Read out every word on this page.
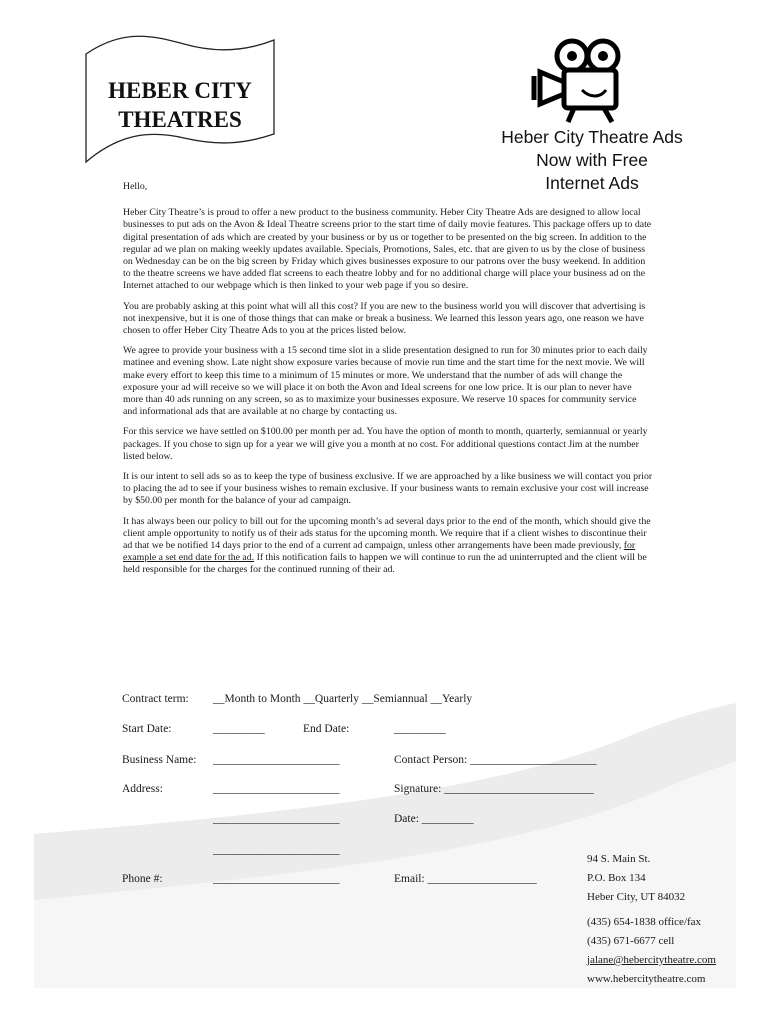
HEBER CITY
THEATRES
Heber City Theatre Ads
Now with Free
Internet Ads

Hello,

Heber City Theatre’s is proud to offer a new product to the business community. Heber City Theatre Ads are designed to allow local businesses to put ads on the Avon & Ideal Theatre screens prior to the start time of daily movie features. This package offers up to date digital presentation of ads which are created by your business or by us or together to be presented on the big screen. In addition to the regular ad we plan on making weekly updates available. Specials, Promotions, Sales, etc. that are given to us by the close of business on Wednesday can be on the big screen by Friday which gives businesses exposure to our patrons over the busy weekend. In addition to the theatre screens we have added flat screens to each theatre lobby and for no additional charge will place your business ad on the Internet attached to our webpage which is then linked to your web page if you so desire.

You are probably asking at this point what will all this cost? If you are new to the business world you will discover that advertising is not inexpensive, but it is one of those things that can make or break a business. We learned this lesson years ago, one reason we have chosen to offer Heber City Theatre Ads to you at the prices listed below.

We agree to provide your business with a 15 second time slot in a slide presentation designed to run for 30 minutes prior to each daily matinee and evening show. Late night show exposure varies because of movie run time and the start time for the next movie. We will make every effort to keep this time to a minimum of 15 minutes or more. We understand that the number of ads will change the exposure your ad will receive so we will place it on both the Avon and Ideal screens for one low price. It is our plan to never have more than 40 ads running on any screen, so as to maximize your businesses exposure. We reserve 10 spaces for community service and informational ads that are available at no charge by contacting us.

For this service we have settled on $100.00 per month per ad. You have the option of month to month, quarterly, semiannual or yearly packages. If you chose to sign up for a year we will give you a month at no cost. For additional questions contact Jim at the number listed below.

It is our intent to sell ads so as to keep the type of business exclusive. If we are approached by a like business we will contact you prior to placing the ad to see if your business wishes to remain exclusive. If your business wants to remain exclusive your cost will increase by $50.00 per month for the balance of your ad campaign.

It has always been our policy to bill out for the upcoming month’s ad several days prior to the end of the month, which should give the client ample opportunity to notify us of their ads status for the upcoming month. We require that if a client wishes to discontinue their ad that we be notified 14 days prior to the end of a current ad campaign, unless other arrangements have been made previously, for example a set end date for the ad. If this notification fails to happen we will continue to run the ad uninterrupted and the client will be held responsible for the charges for the continued running of their ad.

Contract term: __Month to Month __Quarterly __Semiannual __Yearly
Start Date:	_________	End Date:	_________
Business Name: ______________________	Contact Person: ______________________
Address:	______________________	Signature: __________________________
______________________	Date: _________
______________________
Phone #:	______________________	Email: ___________________
94 S. Main St.
P.O. Box 134
Heber City, UT 84032
(435) 654-1838 office/fax
(435) 671-6677 cell
jalane@hebercitytheatre.com
www.hebercitytheatre.com
